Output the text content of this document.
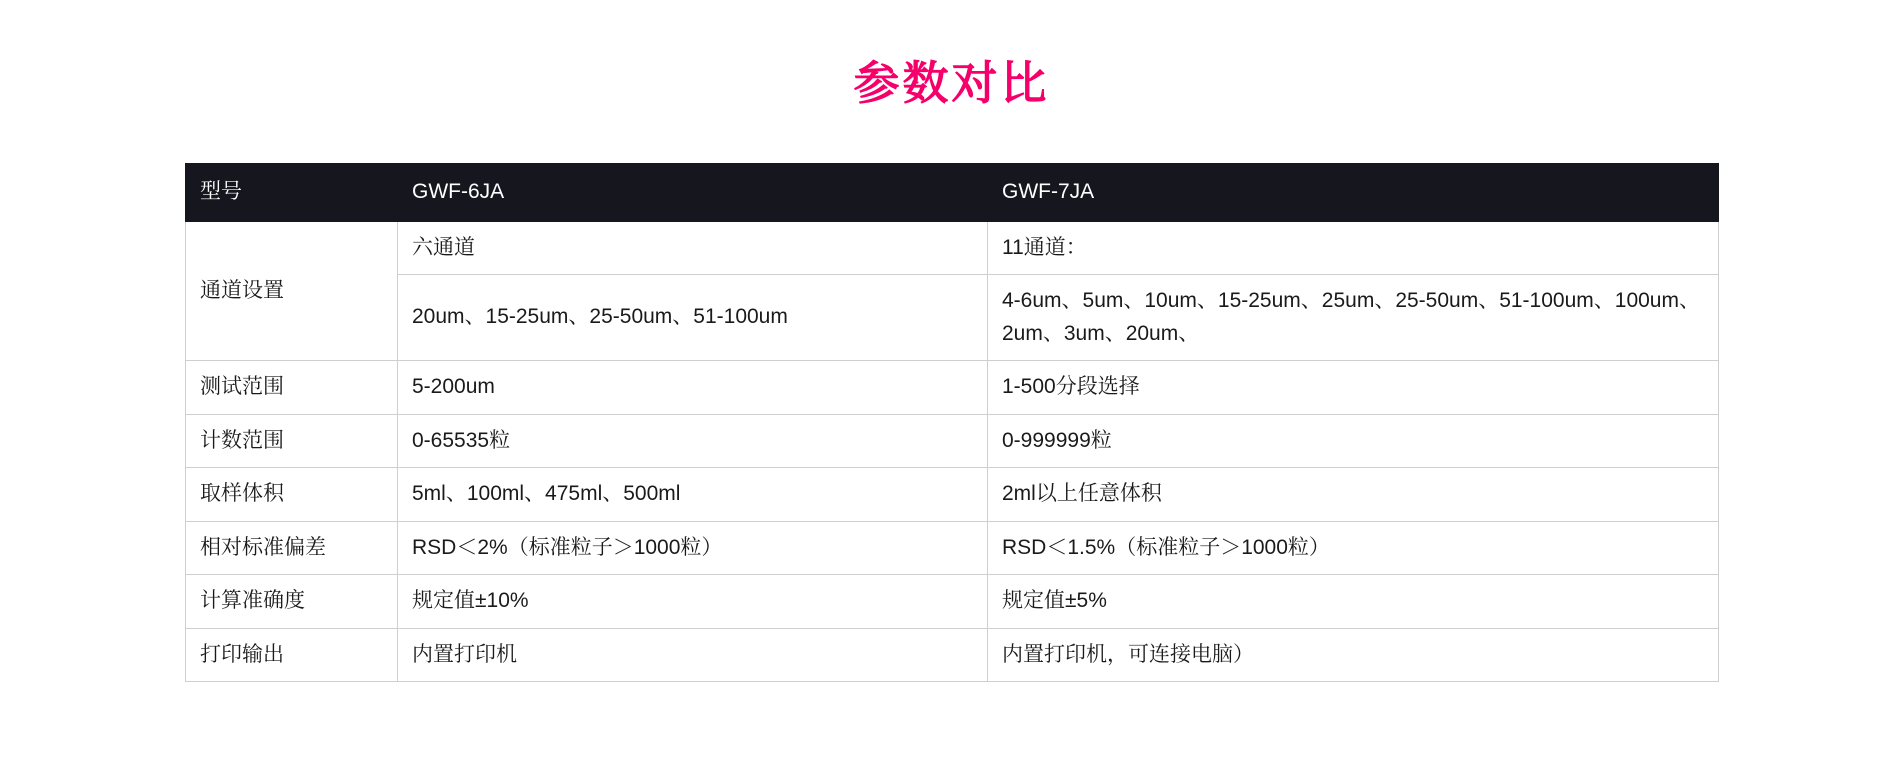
参数对比
型号	GWF-6JA	GWF-7JA
通道设置	六通道	11通道：
	20um、15-25um、25-50um、51-100um	4-6um、5um、10um、15-25um、25um、25-50um、51-100um、100um、2um、3um、20um、
测试范围	5-200um	1-500分段选择
计数范围	0-65535粒	0-999999粒
取样体积	5ml、100ml、475ml、500ml	2ml以上任意体积
相对标准偏差	RSD＜2%（标准粒子＞1000粒）	RSD＜1.5%（标准粒子＞1000粒）
计算准确度	规定值±10%	规定值±5%
打印输出	内置打印机	内置打印机，可连接电脑）
